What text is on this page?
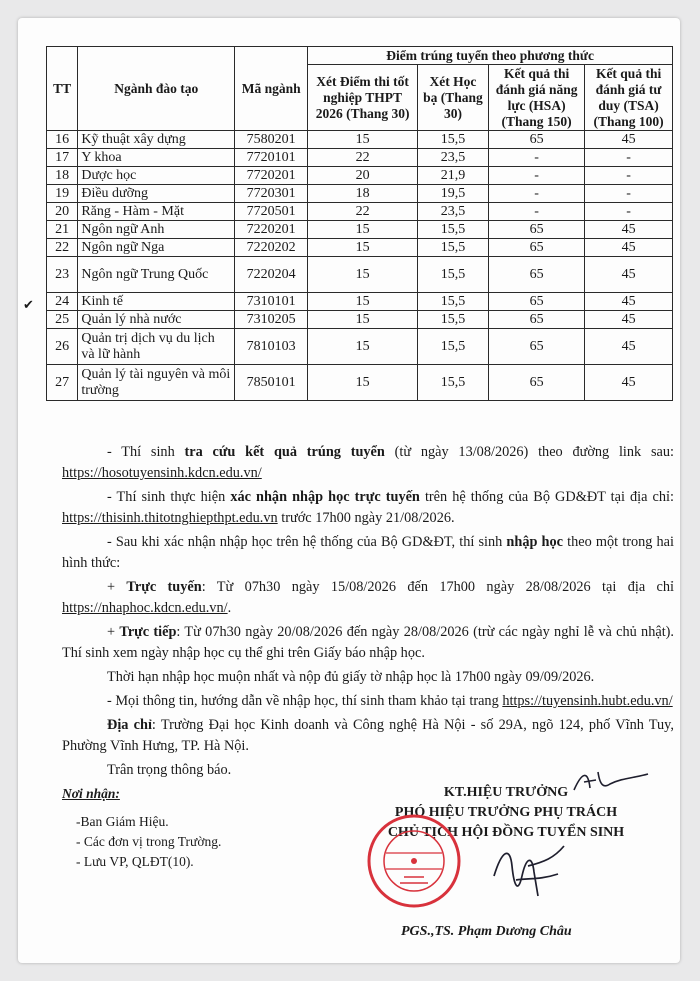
✔
TT	Ngành đào tạo	Mã ngành	Điểm trúng tuyển theo phương thức			
			Xét Điểm thi tốt nghiệp THPT 2026 (Thang 30)	Xét Học bạ (Thang 30)	Kết quả thi đánh giá năng lực (HSA) (Thang 150)	Kết quả thi đánh giá tư duy (TSA) (Thang 100)
16	Kỹ thuật xây dựng	7580201	15	15,5	65	45
17	Y khoa	7720101	22	23,5	-	-
18	Dược học	7720201	20	21,9	-	-
19	Điều dưỡng	7720301	18	19,5	-	-
20	Răng - Hàm - Mặt	7720501	22	23,5	-	-
21	Ngôn ngữ Anh	7220201	15	15,5	65	45
22	Ngôn ngữ Nga	7220202	15	15,5	65	45
23	Ngôn ngữ Trung Quốc	7220204	15	15,5	65	45
24	Kinh tế	7310101	15	15,5	65	45
25	Quản lý nhà nước	7310205	15	15,5	65	45
26	Quản trị dịch vụ du lịch và lữ hành	7810103	15	15,5	65	45
27	Quản lý tài nguyên và môi trường	7850101	15	15,5	65	45

- Thí sinh tra cứu kết quả trúng tuyển (từ ngày 13/08/2026) theo đường link sau: https://hosotuyensinh.kdcn.edu.vn/

- Thí sinh thực hiện xác nhận nhập học trực tuyến trên hệ thống của Bộ GD&ĐT tại địa chỉ: https://thisinh.thitotnghiepthpt.edu.vn trước 17h00 ngày 21/08/2026.

- Sau khi xác nhận nhập học trên hệ thống của Bộ GD&ĐT, thí sinh nhập học theo một trong hai hình thức:

+ Trực tuyến: Từ 07h30 ngày 15/08/2026 đến 17h00 ngày 28/08/2026 tại địa chỉ https://nhaphoc.kdcn.edu.vn/.

+ Trực tiếp: Từ 07h30 ngày 20/08/2026 đến ngày 28/08/2026 (trừ các ngày nghỉ lễ và chủ nhật). Thí sinh xem ngày nhập học cụ thể ghi trên Giấy báo nhập học.

Thời hạn nhập học muộn nhất và nộp đủ giấy tờ nhập học là 17h00 ngày 09/09/2026.

- Mọi thông tin, hướng dẫn về nhập học, thí sinh tham khảo tại trang https://tuyensinh.hubt.edu.vn/

Địa chỉ: Trường Đại học Kinh doanh và Công nghệ Hà Nội - số 29A, ngõ 124, phố Vĩnh Tuy, Phường Vĩnh Hưng, TP. Hà Nội.

Trân trọng thông báo.

Nơi nhận:
-Ban Giám Hiệu.
- Các đơn vị trong Trường.
- Lưu VP, QLĐT(10).
KT.HIỆU TRƯỞNG
PHÓ HIỆU TRƯỞNG PHỤ TRÁCH
CHỦ TỊCH HỘI ĐỒNG TUYỂN SINH
PGS.,TS. Phạm Dương Châu
